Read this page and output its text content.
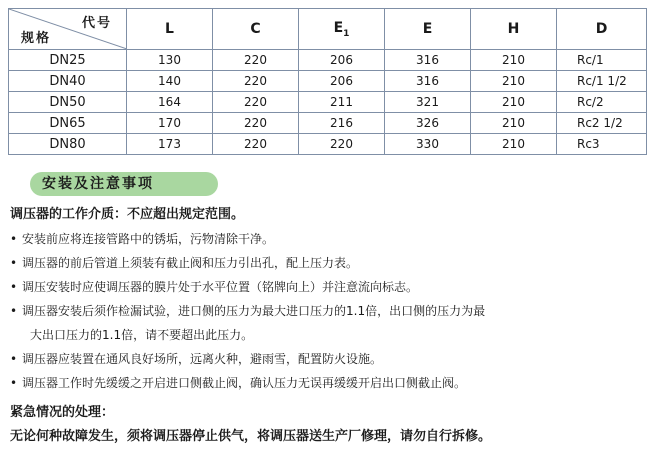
代号
规格	L	C	$E_1$	E	H	D
DN25	130	220	206	316	210	Rc/1
DN40	140	220	206	316	210	Rc/1 1/2
DN50	164	220	211	321	210	Rc/2
DN65	170	220	216	326	210	Rc2 1/2
DN80	173	220	220	330	210	Rc3
安装及注意事项
调压器的工作介质：不应超出规定范围。
• 安装前应将连接管路中的锈垢，污物清除干净。
• 调压器的前后管道上须装有截止阀和压力引出孔，配上压力表。
• 调压安装时应使调压器的膜片处于水平位置（铭牌向上）并注意流向标志。
• 调压器安装后须作检漏试验，进口侧的压力为最大进口压力的1.1倍，出口侧的压力为最
大出口压力的1.1倍，请不要超出此压力。
• 调压器应装置在通风良好场所，远离火种，避雨雪，配置防火设施。
• 调压器工作时先缓缓之开启进口侧截止阀，确认压力无误再缓缓开启出口侧截止阀。
紧急情况的处理：
无论何种故障发生，须将调压器停止供气，将调压器送生产厂修理，请勿自行拆修。
